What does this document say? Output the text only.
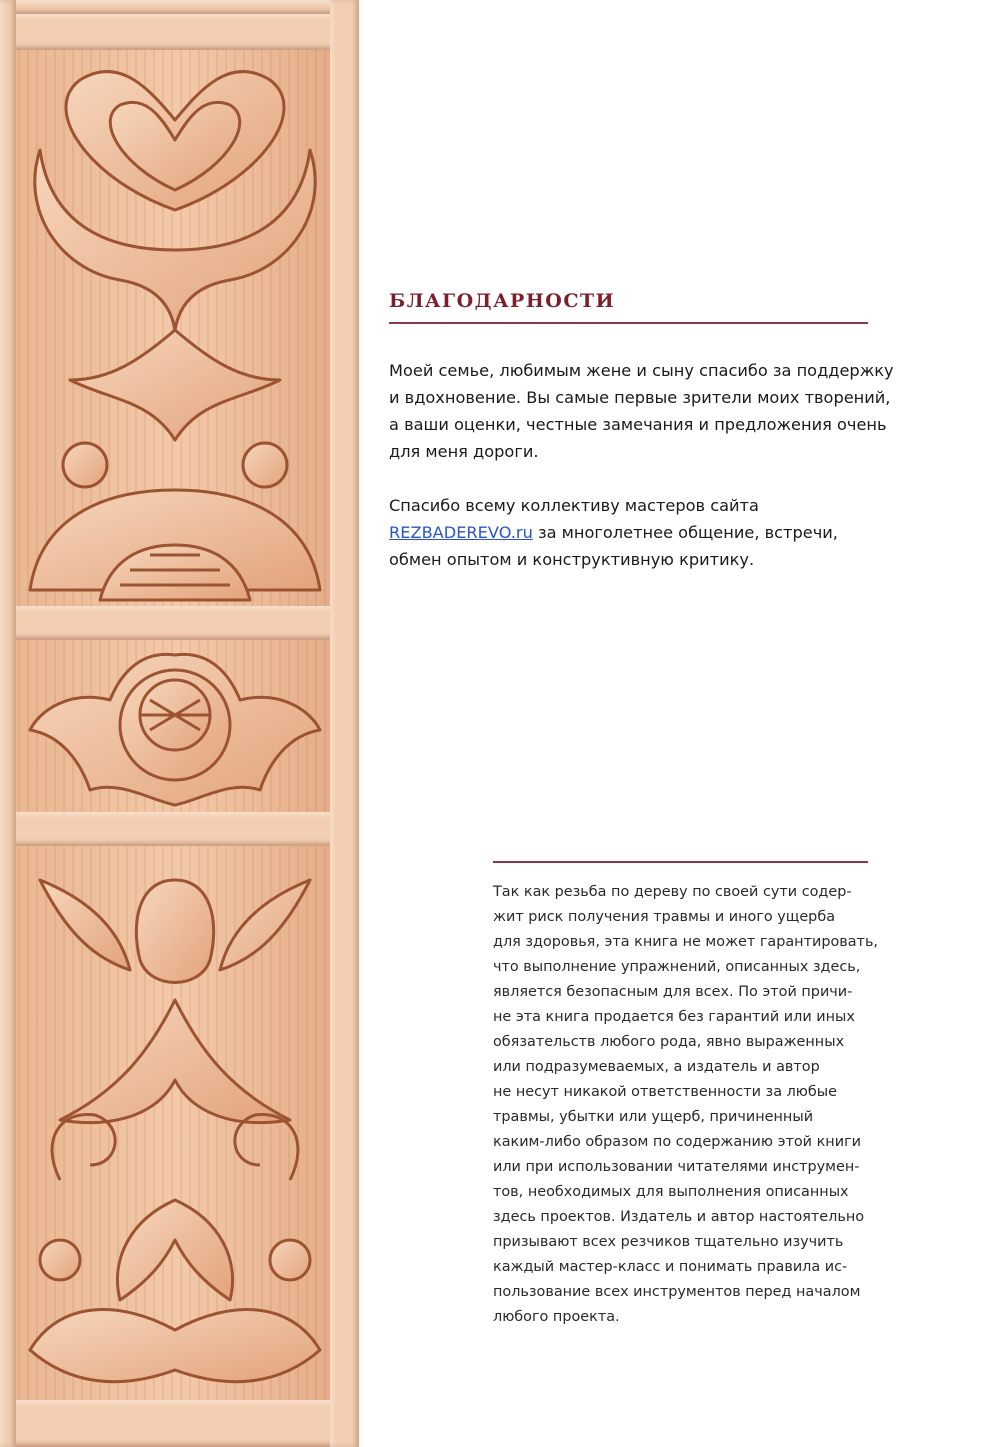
БЛАГОДАРНОСТИ

Моей семье, любимым жене и сыну спасибо за поддержку
и вдохновение. Вы самые первые зрители моих творений,
а ваши оценки, честные замечания и предложения очень
для меня дороги.

Спасибо всему коллективу мастеров сайта
REZBADEREVO.ru за многолетнее общение, встречи,
обмен опытом и конструктивную критику.

Так как резьба по дереву по своей сути содер-
жит риск получения травмы и иного ущерба
для здоровья, эта книга не может гарантировать,
что выполнение упражнений, описанных здесь,
является безопасным для всех. По этой причи-
не эта книга продается без гарантий или иных
обязательств любого рода, явно выраженных
или подразумеваемых, а издатель и автор
не несут никакой ответственности за любые
травмы, убытки или ущерб, причиненный
каким-либо образом по содержанию этой книги
или при использовании читателями инструмен-
тов, необходимых для выполнения описанных
здесь проектов. Издатель и автор настоятельно
призывают всех резчиков тщательно изучить
каждый мастер-класс и понимать правила ис-
пользование всех инструментов перед началом
любого проекта.
